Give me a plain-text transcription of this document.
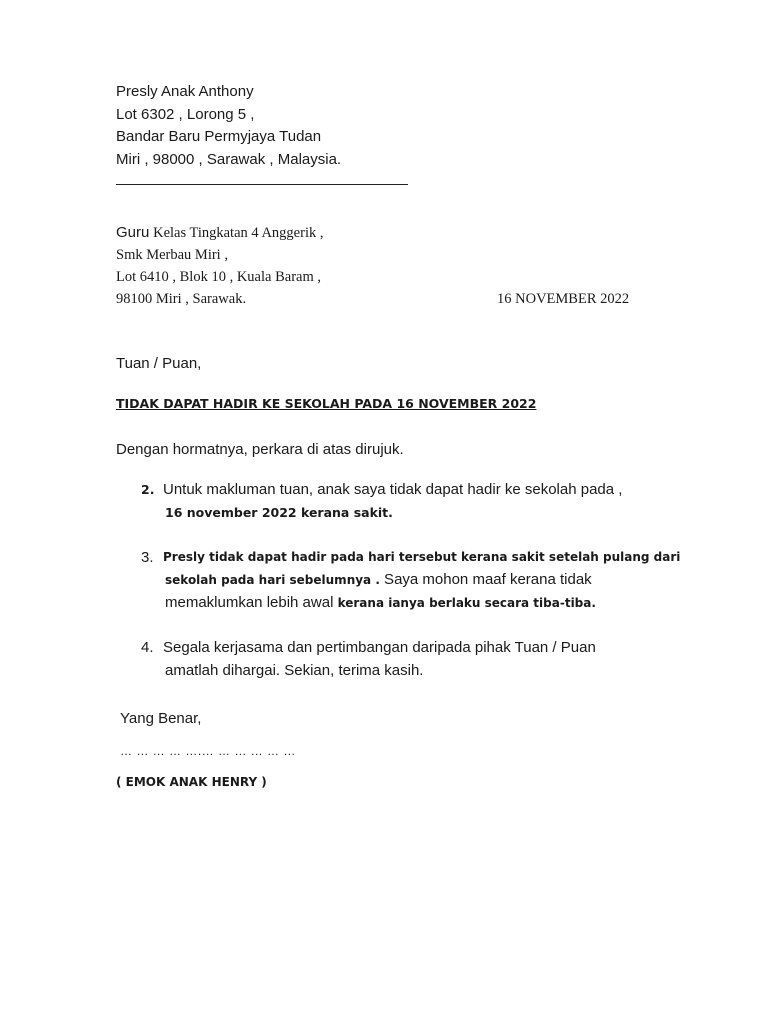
Presly Anak Anthony
Lot 6302 , Lorong 5 ,
Bandar Baru Permyjaya Tudan
Miri , 98000 , Sarawak , Malaysia.
Guru Kelas Tingkatan 4 Anggerik ,
Smk Merbau Miri ,
Lot 6410 , Blok 10 , Kuala Baram ,
98100 Miri , Sarawak.	16 NOVEMBER 2022
Tuan / Puan,
TIDAK DAPAT HADIR KE SEKOLAH PADA 16 NOVEMBER 2022
Dengan hormatnya, perkara di atas dirujuk.
2. Untuk makluman tuan, anak saya tidak dapat hadir ke sekolah pada ,
16 november 2022 kerana sakit.
3. Presly tidak dapat hadir pada hari tersebut kerana sakit setelah pulang dari
sekolah pada hari sebelumnya . Saya mohon maaf kerana tidak
memaklumkan lebih awal kerana ianya berlaku secara tiba-tiba.
4. Segala kerjasama dan pertimbangan daripada pihak Tuan / Puan
amatlah dihargai. Sekian, terima kasih.
Yang Benar,
… … … … ….… … … … … …
( EMOK ANAK HENRY )
